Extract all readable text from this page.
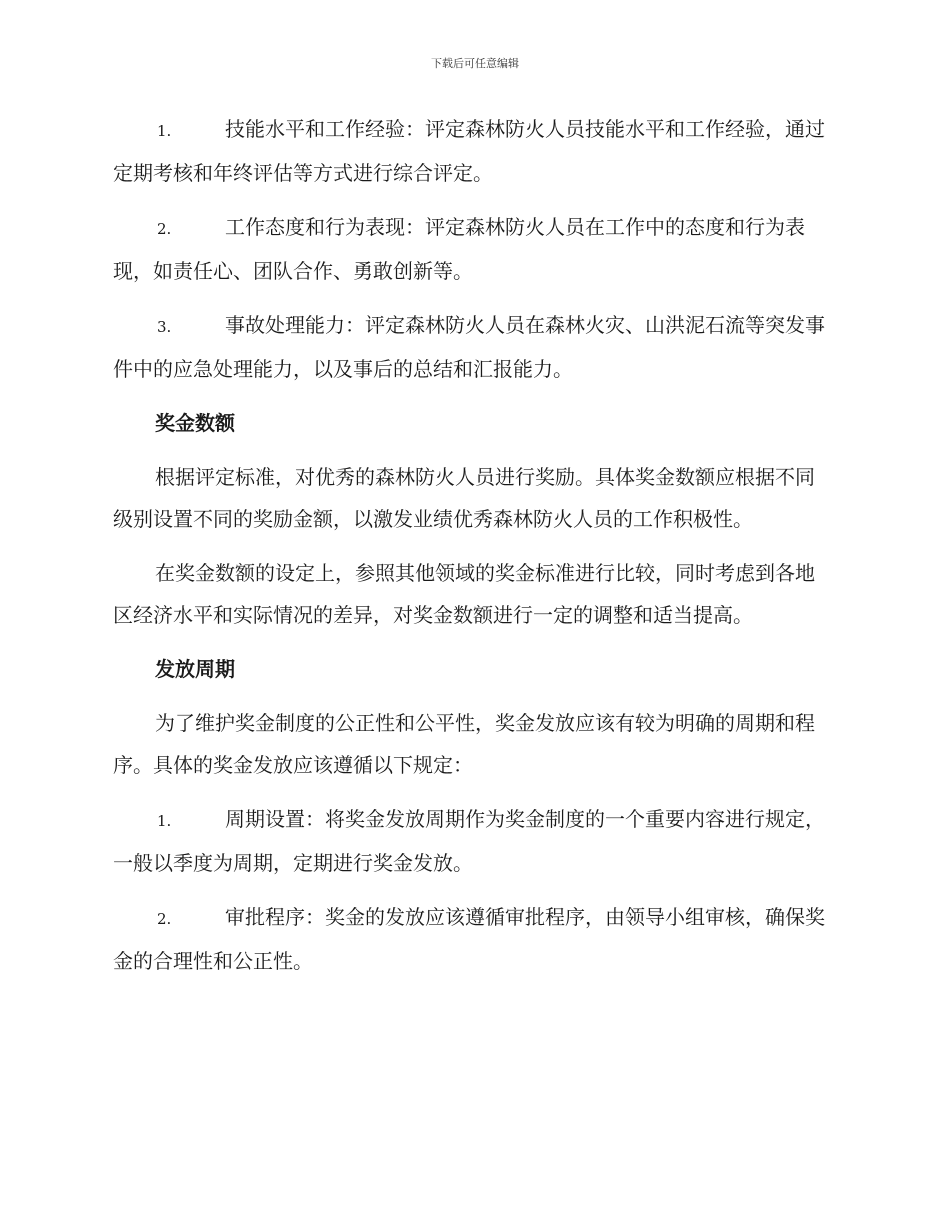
下载后可任意编辑

1.	技能水平和工作经验：评定森林防火人员技能水平和工作经验，通过定期考核和年终评估等方式进行综合评定。

2.	工作态度和行为表现：评定森林防火人员在工作中的态度和行为表现，如责任心、团队合作、勇敢创新等。

3.	事故处理能力：评定森林防火人员在森林火灾、山洪泥石流等突发事件中的应急处理能力，以及事后的总结和汇报能力。

奖金数额

根据评定标准，对优秀的森林防火人员进行奖励。具体奖金数额应根据不同级别设置不同的奖励金额，以激发业绩优秀森林防火人员的工作积极性。

在奖金数额的设定上，参照其他领域的奖金标准进行比较，同时考虑到各地区经济水平和实际情况的差异，对奖金数额进行一定的调整和适当提高。

发放周期

为了维护奖金制度的公正性和公平性，奖金发放应该有较为明确的周期和程序。具体的奖金发放应该遵循以下规定：

1.	周期设置：将奖金发放周期作为奖金制度的一个重要内容进行规定，一般以季度为周期，定期进行奖金发放。

2.	审批程序：奖金的发放应该遵循审批程序，由领导小组审核，确保奖金的合理性和公正性。
